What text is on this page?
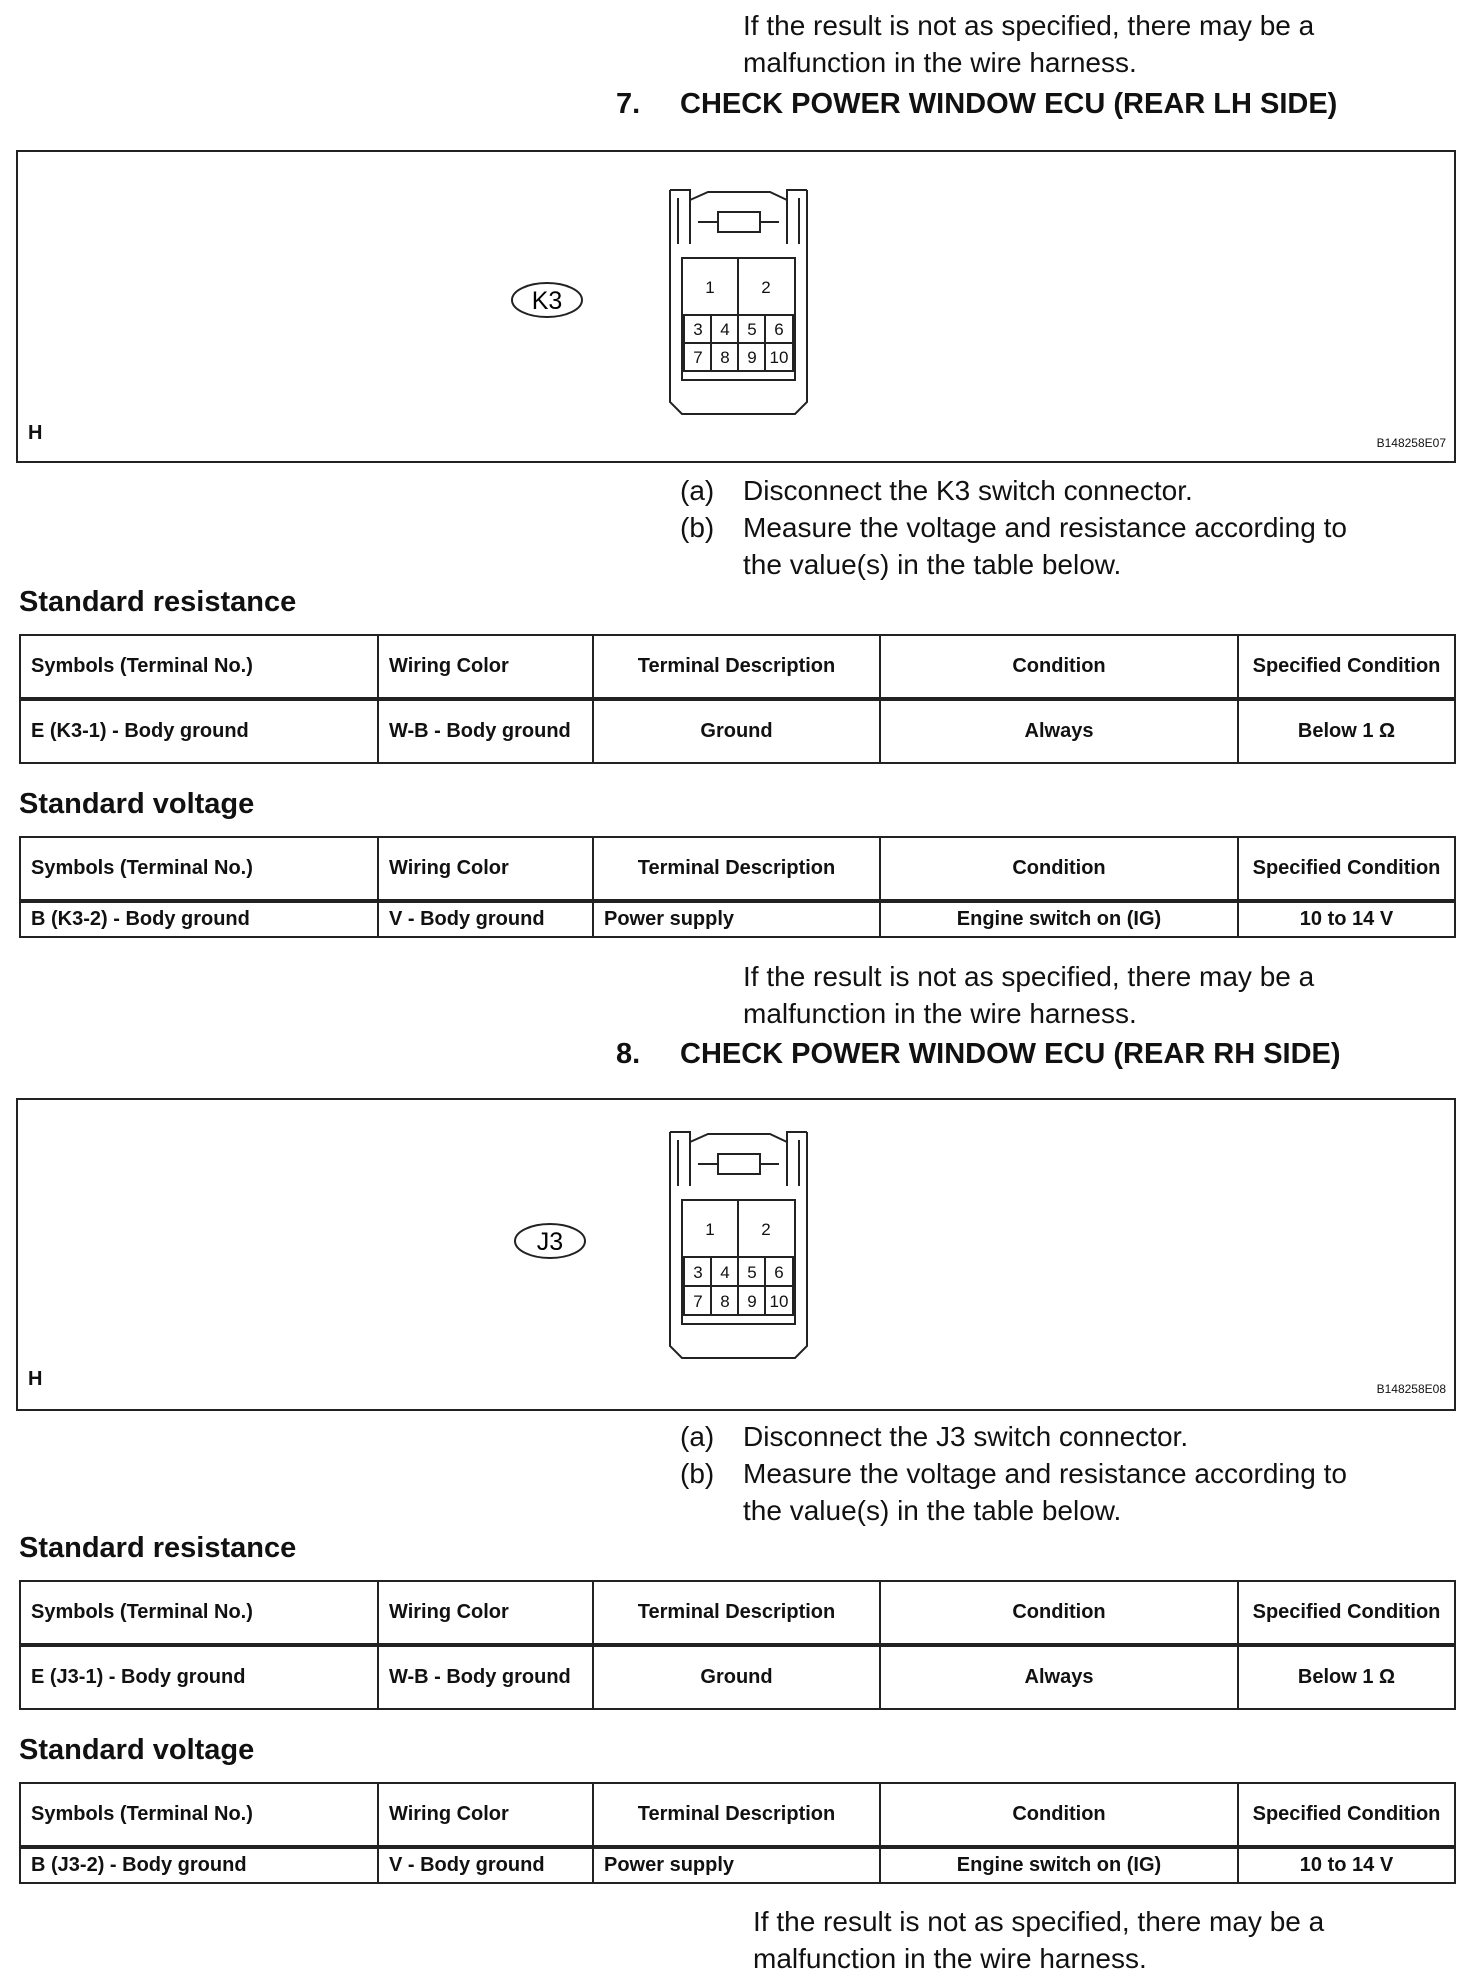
If the result is not as specified, there may be a
malfunction in the wire harness.
7. CHECK POWER WINDOW ECU (REAR LH SIDE)
K3	1	2
3 4 5 6
7 8 9 10
H	B148258E07
(a) Disconnect the K3 switch connector.
(b) Measure the voltage and resistance according to
the value(s) in the table below.
Standard resistance
Symbols (Terminal No.)	Wiring Color	Terminal Description	Condition	Specified Condition
E (K3-1) - Body ground	W-B - Body ground	Ground	Always	Below 1 Ω
Standard voltage
Symbols (Terminal No.)	Wiring Color	Terminal Description	Condition	Specified Condition
B (K3-2) - Body ground	V - Body ground	Power supply	Engine switch on (IG)	10 to 14 V
If the result is not as specified, there may be a
malfunction in the wire harness.
8. CHECK POWER WINDOW ECU (REAR RH SIDE)
J3	1	2
3 4 5 6
7 8 9 10
H	B148258E08
(a) Disconnect the J3 switch connector.
(b) Measure the voltage and resistance according to
the value(s) in the table below.
Standard resistance
Symbols (Terminal No.)	Wiring Color	Terminal Description	Condition	Specified Condition
E (J3-1) - Body ground	W-B - Body ground	Ground	Always	Below 1 Ω
Standard voltage
Symbols (Terminal No.)	Wiring Color	Terminal Description	Condition	Specified Condition
B (J3-2) - Body ground	V - Body ground	Power supply	Engine switch on (IG)	10 to 14 V
If the result is not as specified, there may be a
malfunction in the wire harness.
